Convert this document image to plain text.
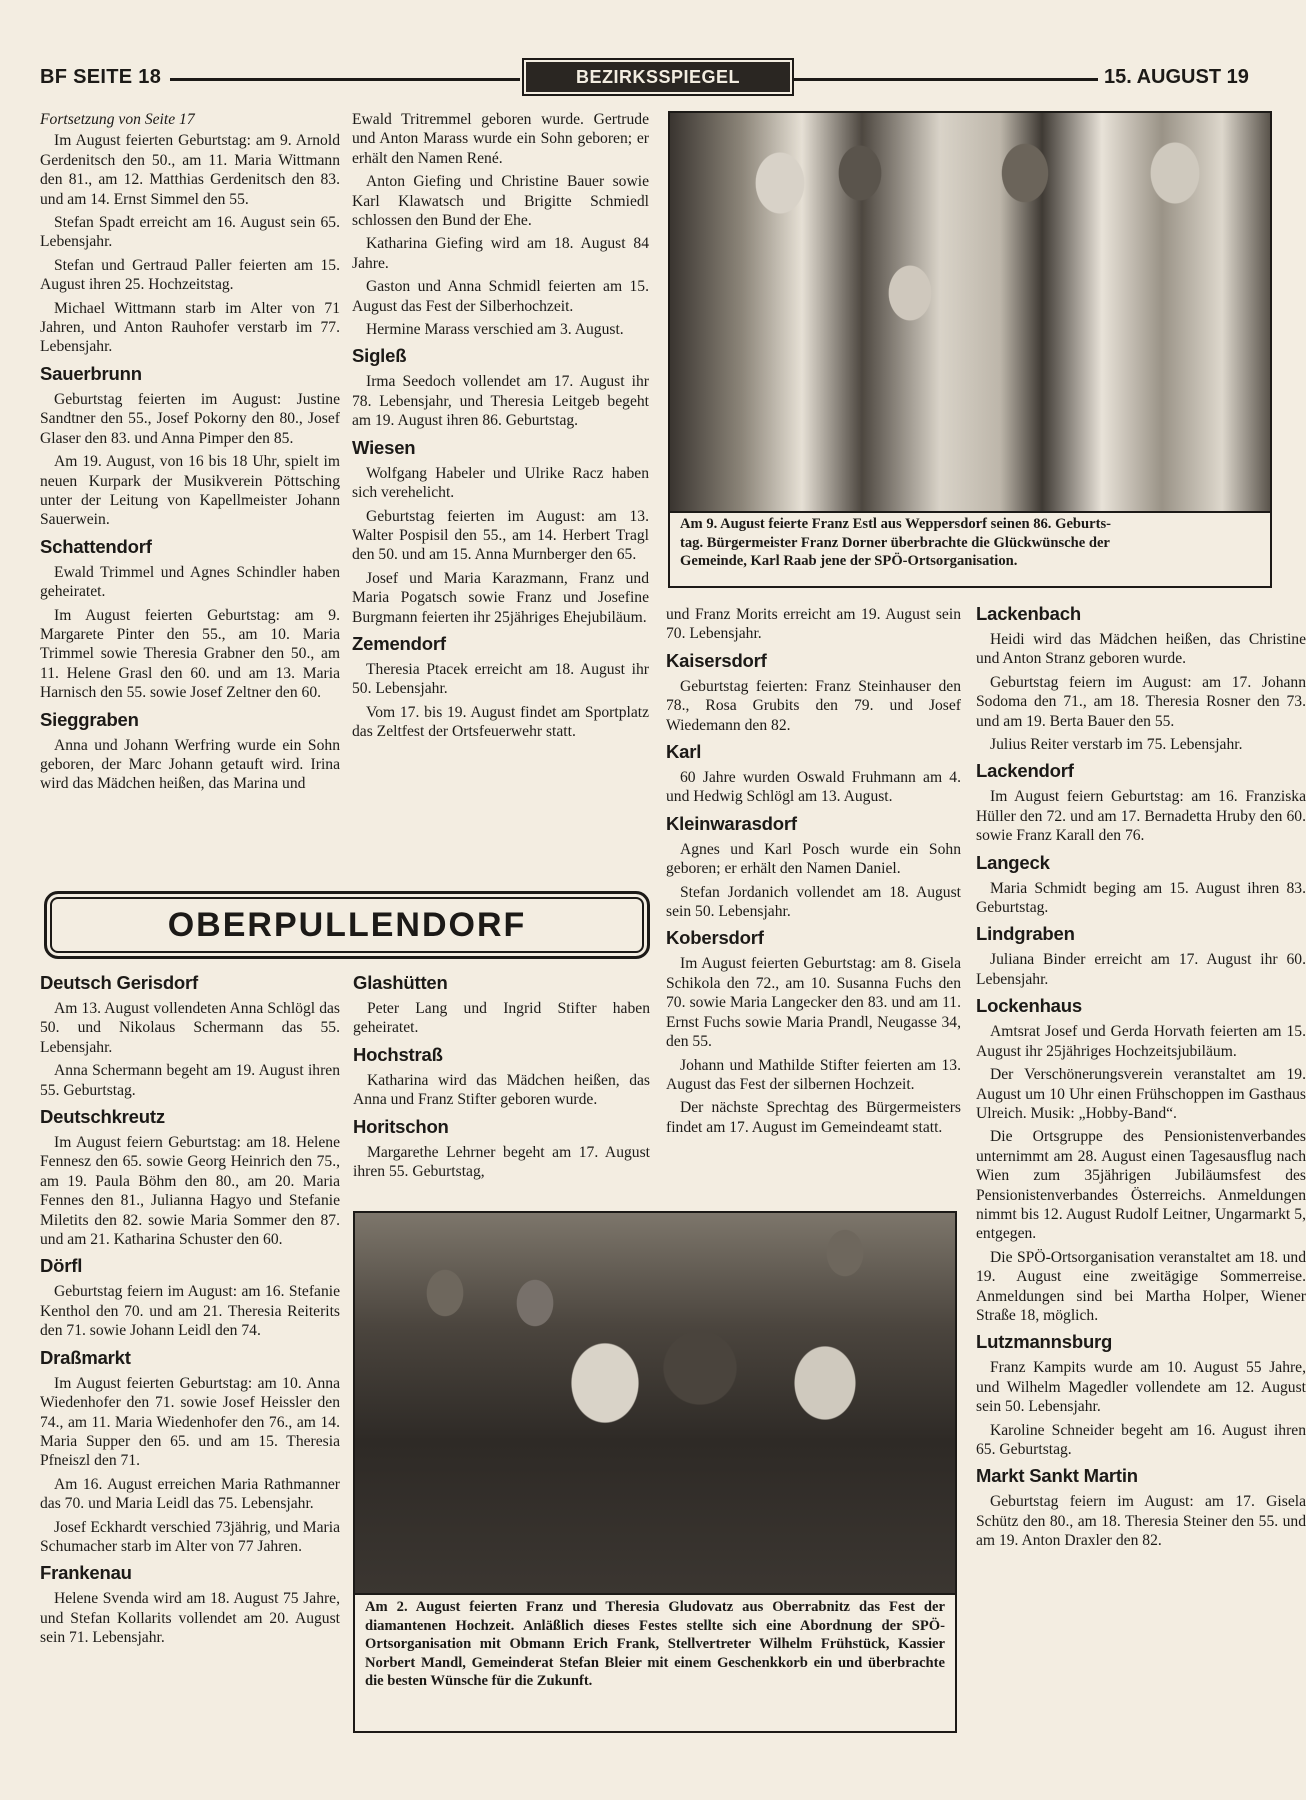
BF SEITE 18	BEZIRKSSPIEGEL	15. AUGUST 19

Fortsetzung von Seite 17

Im August feierten Geburtstag: am 9. Arnold Gerdenitsch den 50., am 11. Maria Wittmann den 81., am 12. Matthias Gerdenitsch den 83. und am 14. Ernst Simmel den 55.

Stefan Spadt erreicht am 16. August sein 65. Lebensjahr.

Stefan und Gertraud Paller feierten am 15. August ihren 25. Hochzeitstag.

Michael Wittmann starb im Alter von 71 Jahren, und Anton Rauhofer verstarb im 77. Lebensjahr.

Sauerbrunn

Geburtstag feierten im August: Justine Sandtner den 55., Josef Pokorny den 80., Josef Glaser den 83. und Anna Pimper den 85.

Am 19. August, von 16 bis 18 Uhr, spielt im neuen Kurpark der Musikverein Pöttsching unter der Leitung von Kapellmeister Johann Sauerwein.

Schattendorf

Ewald Trimmel und Agnes Schindler haben geheiratet.

Im August feierten Geburtstag: am 9. Margarete Pinter den 55., am 10. Maria Trimmel sowie Theresia Grabner den 50., am 11. Helene Grasl den 60. und am 13. Maria Harnisch den 55. sowie Josef Zeltner den 60.

Sieggraben

Anna und Johann Werfring wurde ein Sohn geboren, der Marc Johann getauft wird. Irina wird das Mädchen heißen, das Marina und

Ewald Tritremmel geboren wurde. Gertrude und Anton Marass wurde ein Sohn geboren; er erhält den Namen René.

Anton Giefing und Christine Bauer sowie Karl Klawatsch und Brigitte Schmiedl schlossen den Bund der Ehe.

Katharina Giefing wird am 18. August 84 Jahre.

Gaston und Anna Schmidl feierten am 15. August das Fest der Silberhochzeit.

Hermine Marass verschied am 3. August.

Sigleß

Irma Seedoch vollendet am 17. August ihr 78. Lebensjahr, und Theresia Leitgeb begeht am 19. August ihren 86. Geburtstag.

Wiesen

Wolfgang Habeler und Ulrike Racz haben sich verehelicht.

Geburtstag feierten im August: am 13. Walter Pospisil den 55., am 14. Herbert Tragl den 50. und am 15. Anna Murnberger den 65.

Josef und Maria Karazmann, Franz und Maria Pogatsch sowie Franz und Josefine Burgmann feierten ihr 25jähriges Ehejubiläum.

Zemendorf

Theresia Ptacek erreicht am 18. August ihr 50. Lebensjahr.

Vom 17. bis 19. August findet am Sportplatz das Zeltfest der Ortsfeuerwehr statt.

Am 9. August feierte Franz Estl aus Weppersdorf seinen 86. Geburts-
tag. Bürgermeister Franz Dorner überbrachte die Glückwünsche der
Gemeinde, Karl Raab jene der SPÖ-Ortsorganisation.

und Franz Morits erreicht am 19. August sein 70. Lebensjahr.

Kaisersdorf

Geburtstag feierten: Franz Steinhauser den 78., Rosa Grubits den 79. und Josef Wiedemann den 82.

Karl

60 Jahre wurden Oswald Fruhmann am 4. und Hedwig Schlögl am 13. August.

Kleinwarasdorf

Agnes und Karl Posch wurde ein Sohn geboren; er erhält den Namen Daniel.

Stefan Jordanich vollendet am 18. August sein 50. Lebensjahr.

Kobersdorf

Im August feierten Geburtstag: am 8. Gisela Schikola den 72., am 10. Susanna Fuchs den 70. sowie Maria Langecker den 83. und am 11. Ernst Fuchs sowie Maria Prandl, Neugasse 34, den 55.

Johann und Mathilde Stifter feierten am 13. August das Fest der silbernen Hochzeit.

Der nächste Sprechtag des Bürgermeisters findet am 17. August im Gemeindeamt statt.

Lackenbach

Heidi wird das Mädchen heißen, das Christine und Anton Stranz geboren wurde.

Geburtstag feiern im August: am 17. Johann Sodoma den 71., am 18. Theresia Rosner den 73. und am 19. Berta Bauer den 55.

Julius Reiter verstarb im 75. Lebensjahr.

Lackendorf

Im August feiern Geburtstag: am 16. Franziska Hüller den 72. und am 17. Bernadetta Hruby den 60. sowie Franz Karall den 76.

Langeck

Maria Schmidt beging am 15. August ihren 83. Geburtstag.

Lindgraben

Juliana Binder erreicht am 17. August ihr 60. Lebensjahr.

Lockenhaus

Amtsrat Josef und Gerda Horvath feierten am 15. August ihr 25jähriges Hochzeitsjubiläum.

Der Verschönerungsverein veranstaltet am 19. August um 10 Uhr einen Frühschoppen im Gasthaus Ulreich. Musik: „Hobby-Band“.

Die Ortsgruppe des Pensionistenverbandes unternimmt am 28. August einen Tagesausflug nach Wien zum 35jährigen Jubiläumsfest des Pensionistenverbandes Österreichs. Anmeldungen nimmt bis 12. August Rudolf Leitner, Ungarmarkt 5, entgegen.

Die SPÖ-Ortsorganisation veranstaltet am 18. und 19. August eine zweitägige Sommerreise. Anmeldungen sind bei Martha Holper, Wiener Straße 18, möglich.

Lutzmannsburg

Franz Kampits wurde am 10. August 55 Jahre, und Wilhelm Magedler vollendete am 12. August sein 50. Lebensjahr.

Karoline Schneider begeht am 16. August ihren 65. Geburtstag.

Markt Sankt Martin

Geburtstag feiern im August: am 17. Gisela Schütz den 80., am 18. Theresia Steiner den 55. und am 19. Anton Draxler den 82.

OBERPULLENDORF
Deutsch Gerisdorf

Am 13. August vollendeten Anna Schlögl das 50. und Nikolaus Schermann das 55. Lebensjahr.

Anna Schermann begeht am 19. August ihren 55. Geburtstag.

Deutschkreutz

Im August feiern Geburtstag: am 18. Helene Fennesz den 65. sowie Georg Heinrich den 75., am 19. Paula Böhm den 80., am 20. Maria Fennes den 81., Julianna Hagyo und Stefanie Miletits den 82. sowie Maria Sommer den 87. und am 21. Katharina Schuster den 60.

Dörfl

Geburtstag feiern im August: am 16. Stefanie Kenthol den 70. und am 21. Theresia Reiterits den 71. sowie Johann Leidl den 74.

Draßmarkt

Im August feierten Geburtstag: am 10. Anna Wiedenhofer den 71. sowie Josef Heissler den 74., am 11. Maria Wiedenhofer den 76., am 14. Maria Supper den 65. und am 15. Theresia Pfneiszl den 71.

Am 16. August erreichen Maria Rathmanner das 70. und Maria Leidl das 75. Lebensjahr.

Josef Eckhardt verschied 73jährig, und Maria Schumacher starb im Alter von 77 Jahren.

Frankenau

Helene Svenda wird am 18. August 75 Jahre, und Stefan Kollarits vollendet am 20. August sein 71. Lebensjahr.

Glashütten

Peter Lang und Ingrid Stifter haben geheiratet.

Hochstraß

Katharina wird das Mädchen heißen, das Anna und Franz Stifter geboren wurde.

Horitschon

Margarethe Lehrner begeht am 17. August ihren 55. Geburtstag,

Am 2. August feierten Franz und Theresia Gludovatz aus Oberrabnitz das Fest der diamantenen Hochzeit. Anläßlich dieses Festes stellte sich eine Abordnung der SPÖ-Ortsorganisation mit Obmann Erich Frank, Stellvertreter Wilhelm Frühstück, Kassier Norbert Mandl, Gemeinderat Stefan Bleier mit einem Geschenkkorb ein und überbrachte die besten Wünsche für die Zukunft.
